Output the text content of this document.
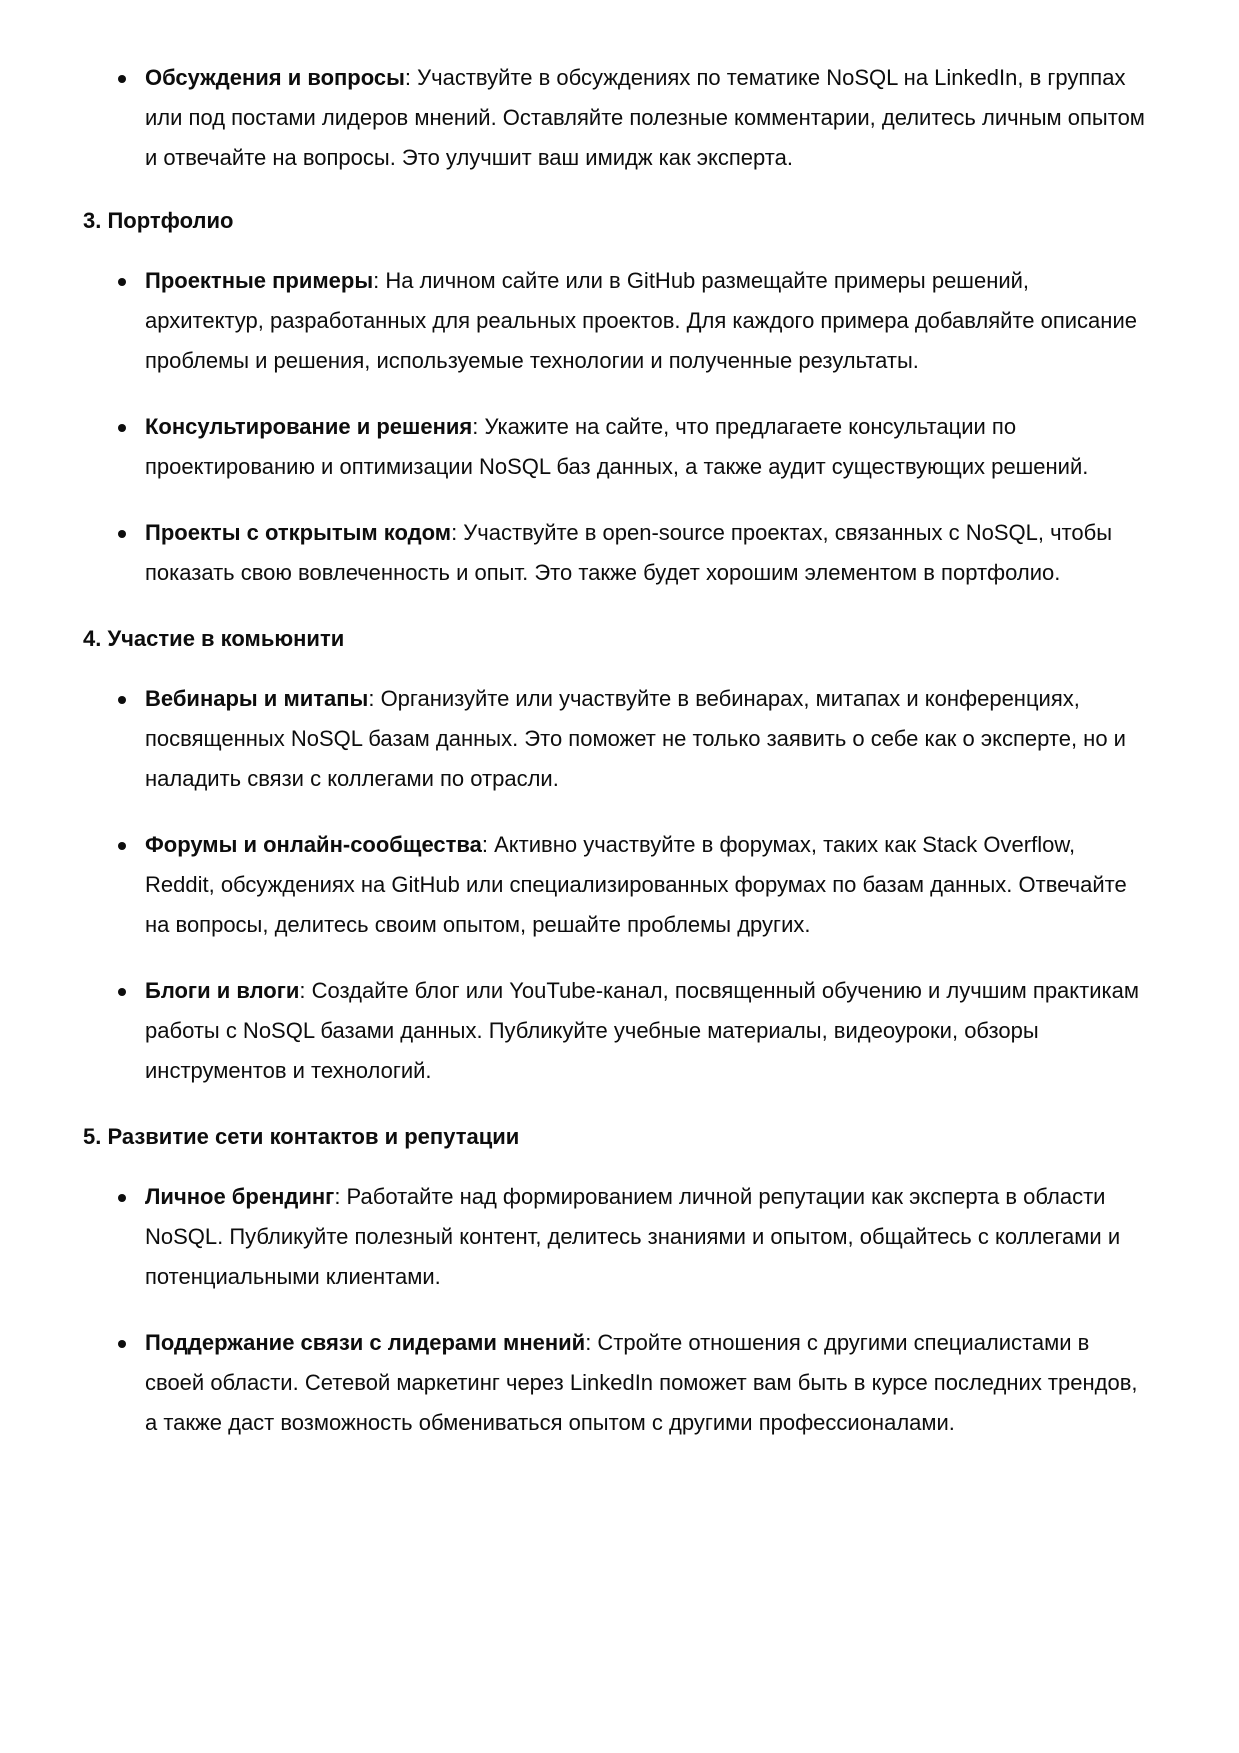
Обсуждения и вопросы: Участвуйте в обсуждениях по тематике NoSQL на LinkedIn, в группах или под постами лидеров мнений. Оставляйте полезные комментарии, делитесь личным опытом и отвечайте на вопросы. Это улучшит ваш имидж как эксперта.
3. Портфолио
Проектные примеры: На личном сайте или в GitHub размещайте примеры решений, архитектур, разработанных для реальных проектов. Для каждого примера добавляйте описание проблемы и решения, используемые технологии и полученные результаты.
Консультирование и решения: Укажите на сайте, что предлагаете консультации по проектированию и оптимизации NoSQL баз данных, а также аудит существующих решений.
Проекты с открытым кодом: Участвуйте в open-source проектах, связанных с NoSQL, чтобы показать свою вовлеченность и опыт. Это также будет хорошим элементом в портфолио.
4. Участие в комьюнити
Вебинары и митапы: Организуйте или участвуйте в вебинарах, митапах и конференциях, посвященных NoSQL базам данных. Это поможет не только заявить о себе как о эксперте, но и наладить связи с коллегами по отрасли.
Форумы и онлайн-сообщества: Активно участвуйте в форумах, таких как Stack Overflow, Reddit, обсуждениях на GitHub или специализированных форумах по базам данных. Отвечайте на вопросы, делитесь своим опытом, решайте проблемы других.
Блоги и влоги: Создайте блог или YouTube-канал, посвященный обучению и лучшим практикам работы с NoSQL базами данных. Публикуйте учебные материалы, видеоуроки, обзоры инструментов и технологий.
5. Развитие сети контактов и репутации
Личное брендинг: Работайте над формированием личной репутации как эксперта в области NoSQL. Публикуйте полезный контент, делитесь знаниями и опытом, общайтесь с коллегами и потенциальными клиентами.
Поддержание связи с лидерами мнений: Стройте отношения с другими специалистами в своей области. Сетевой маркетинг через LinkedIn поможет вам быть в курсе последних трендов, а также даст возможность обмениваться опытом с другими профессионалами.
